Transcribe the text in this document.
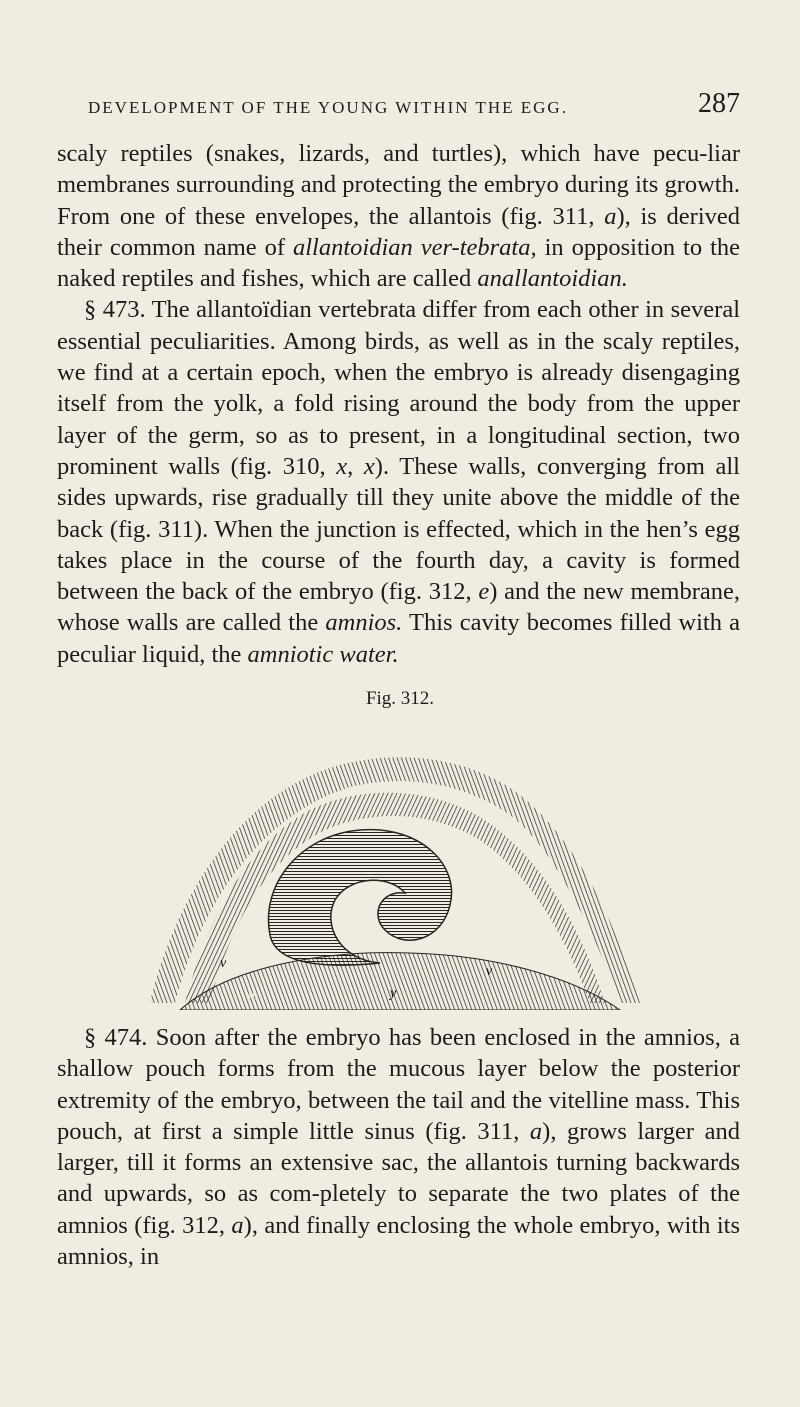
DEVELOPMENT OF THE YOUNG WITHIN THE EGG.	287

scaly reptiles (snakes, lizards, and turtles), which have pecu-liar membranes surrounding and protecting the embryo during its growth. From one of these envelopes, the allantois (fig. 311, a), is derived their common name of allantoidian ver-tebrata, in opposition to the naked reptiles and fishes, which are called anallantoidian.

§ 473. The allantoïdian vertebrata differ from each other in several essential peculiarities. Among birds, as well as in the scaly reptiles, we find at a certain epoch, when the embryo is already disengaging itself from the yolk, a fold rising around the body from the upper layer of the germ, so as to present, in a longitudinal section, two prominent walls (fig. 310, x, x). These walls, converging from all sides upwards, rise gradually till they unite above the middle of the back (fig. 311). When the junction is effected, which in the hen’s egg takes place in the course of the fourth day, a cavity is formed between the back of the embryo (fig. 312, e) and the new membrane, whose walls are called the amnios. This cavity becomes filled with a peculiar liquid, the amniotic water.

Fig. 312.
v
v
m	y

§ 474. Soon after the embryo has been enclosed in the amnios, a shallow pouch forms from the mucous layer below the posterior extremity of the embryo, between the tail and the vitelline mass. This pouch, at first a simple little sinus (fig. 311, a), grows larger and larger, till it forms an extensive sac, the allantois turning backwards and upwards, so as com-pletely to separate the two plates of the amnios (fig. 312, a), and finally enclosing the whole embryo, with its amnios, in
